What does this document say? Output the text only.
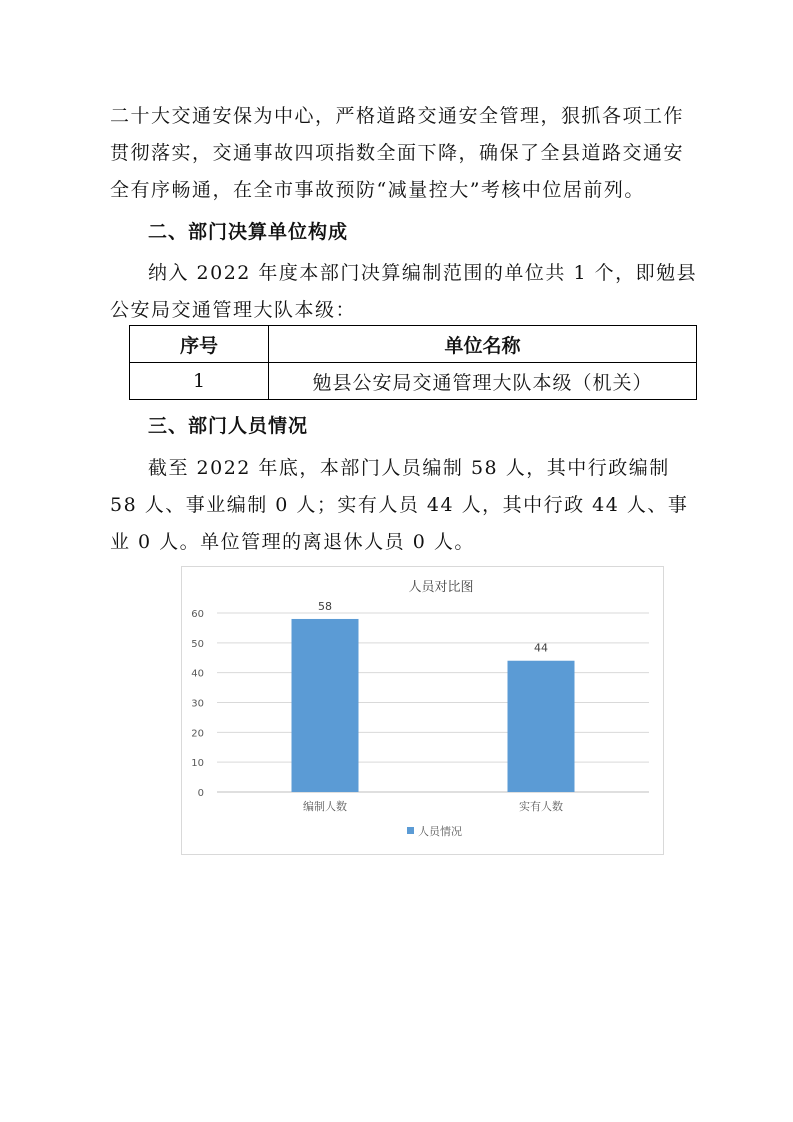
二十大交通安保为中心，严格道路交通安全管理，狠抓各项工作贯彻落实，交通事故四项指数全面下降，确保了全县道路交通安全有序畅通，在全市事故预防“减量控大”考核中位居前列。

二、部门决算单位构成

纳入 2022 年度本部门决算编制范围的单位共 1 个，即勉县公安局交通管理大队本级：

序号	单位名称
1	勉县公安局交通管理大队本级（机关）
三、部门人员情况

截至 2022 年底，本部门人员编制 58 人，其中行政编制 58 人、事业编制 0 人；实有人员 44 人，其中行政 44 人、事业 0 人。单位管理的离退休人员 0 人。

人员对比图
0
10
20
30
40
50
60
58
编制人数
44
实有人数
人员情况
